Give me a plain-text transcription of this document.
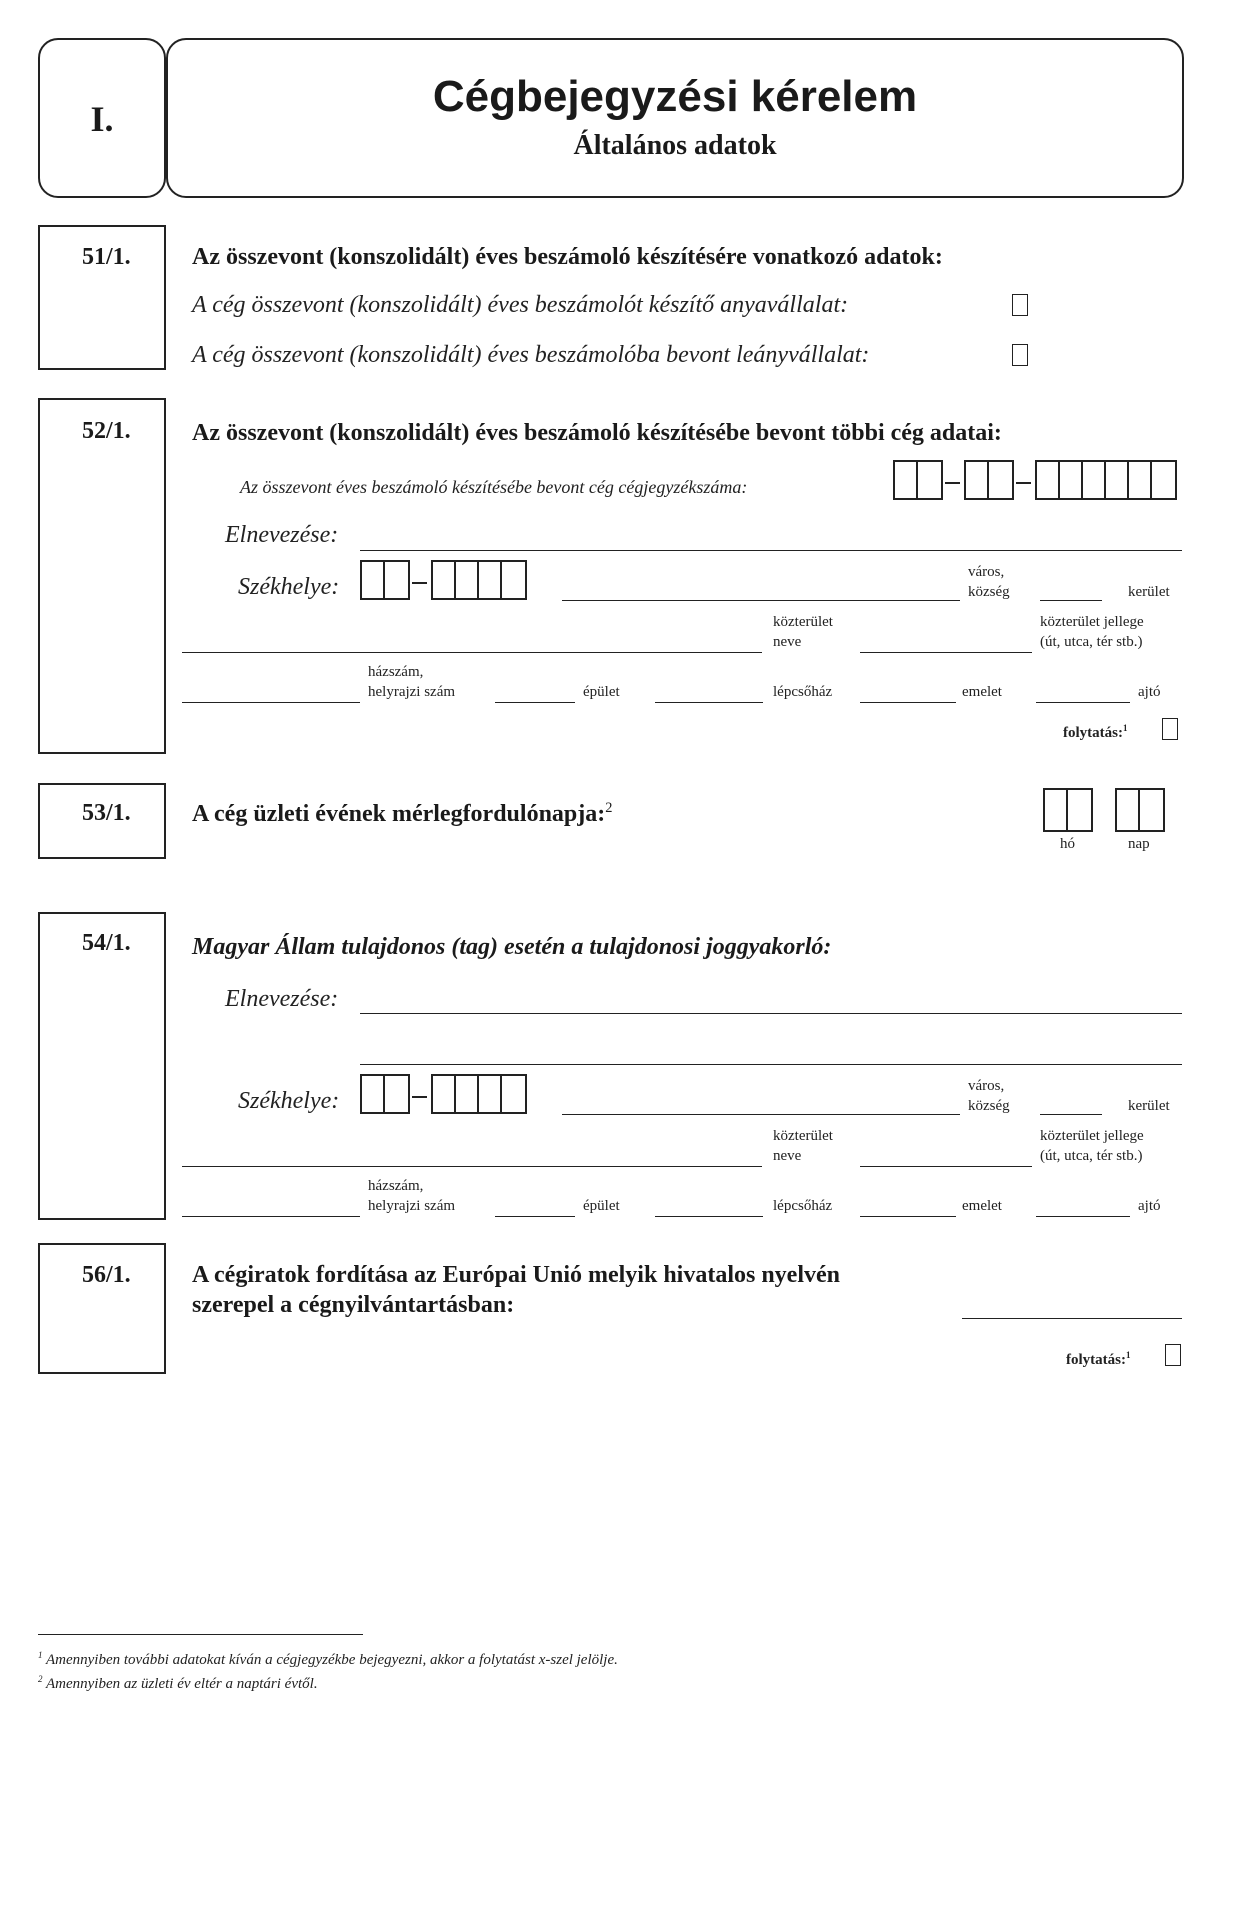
I.	Cégbejegyzési kérelem
Általános adatok
51/1.	Az összevont (konszolidált) éves beszámoló készítésére vonatkozó adatok:
A cég összevont (konszolidált) éves beszámolót készítő anyavállalat:
A cég összevont (konszolidált) éves beszámolóba bevont leányvállalat:
52/1.	Az összevont (konszolidált) éves beszámoló készítésébe bevont többi cég adatai:
Az összevont éves beszámoló készítésébe bevont cég cégjegyzékszáma:
Elnevezése:
Székhelye:
város,
község	kerület
közterület
neve
közterület jellege
(út, utca, tér stb.)
házszám,
helyrajzi szám	épület	lépcsőház	emelet	ajtó
folytatás:$^1$
53/1.	A cég üzleti évének mérlegfordulónapja:$^2$
hó	nap
54/1.	Magyar Állam tulajdonos (tag) esetén a tulajdonosi joggyakorló:
Elnevezése:
Székhelye:
város,
község	kerület
közterület
neve
közterület jellege
(út, utca, tér stb.)
házszám,
helyrajzi szám	épület	lépcsőház	emelet	ajtó
56/1.	A cégiratok fordítása az Európai Unió melyik hivatalos nyelvén
szerepel a cégnyilvántartásban:
folytatás:$^1$
$^1$ Amennyiben további adatokat kíván a cégjegyzékbe bejegyezni, akkor a folytatást x-szel jelölje.
$^2$ Amennyiben az üzleti év eltér a naptári évtől.
